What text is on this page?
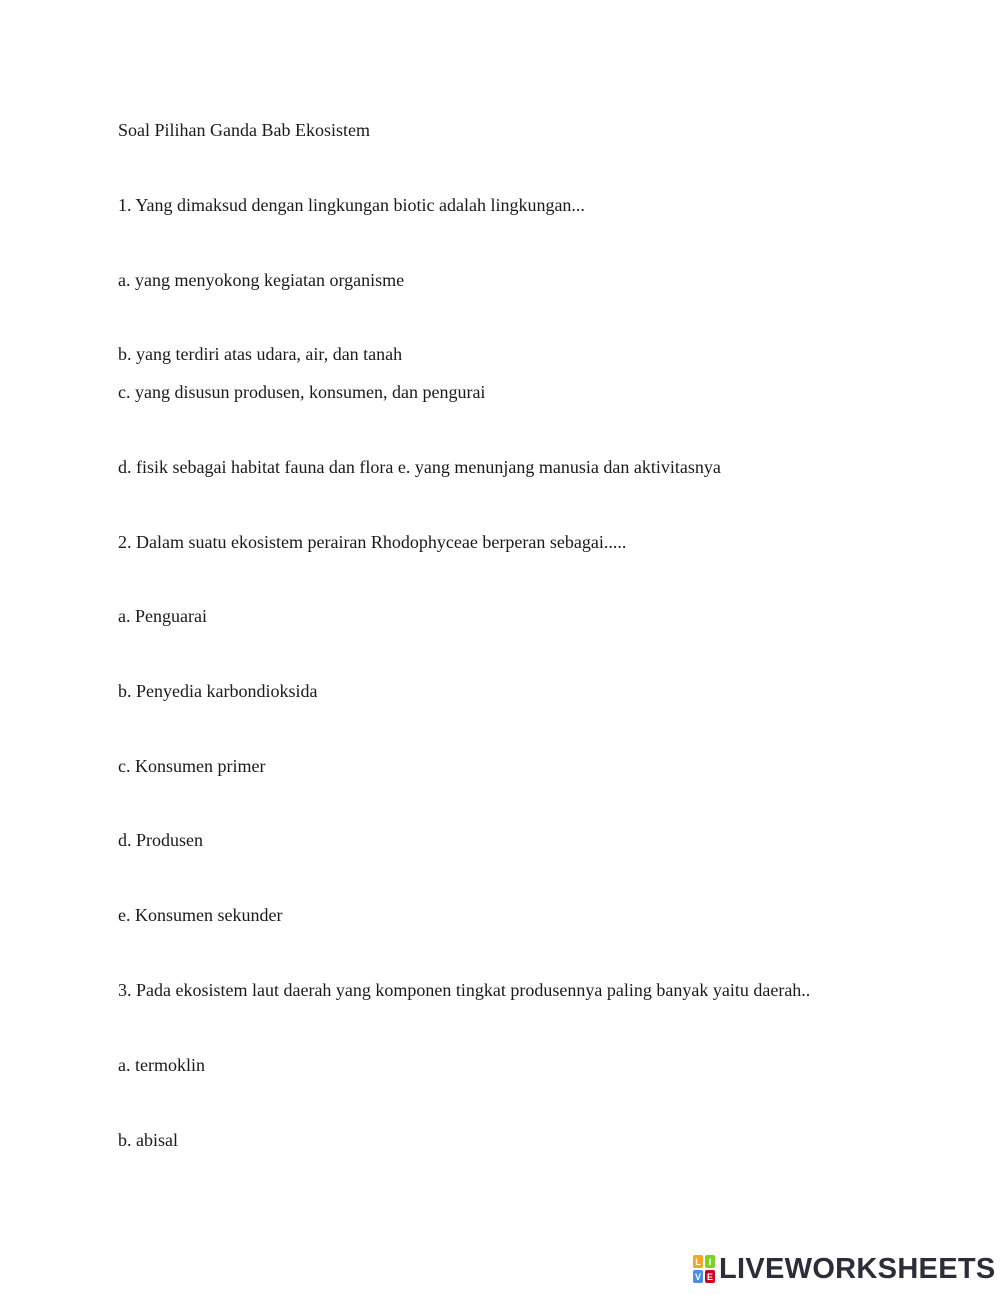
Soal Pilihan Ganda Bab Ekosistem
1. Yang dimaksud dengan lingkungan biotic adalah lingkungan...
a. yang menyokong kegiatan organisme
b. yang terdiri atas udara, air, dan tanah
c. yang disusun produsen, konsumen, dan pengurai
d. fisik sebagai habitat fauna dan flora e. yang menunjang manusia dan aktivitasnya
2. Dalam suatu ekosistem perairan Rhodophyceae berperan sebagai.....
a. Penguarai
b. Penyedia karbondioksida
c. Konsumen primer
d. Produsen
e. Konsumen sekunder
3. Pada ekosistem laut daerah yang komponen tingkat produsennya paling banyak yaitu daerah..
a. termoklin
b. abisal
L I
V E LIVEWORKSHEETS
